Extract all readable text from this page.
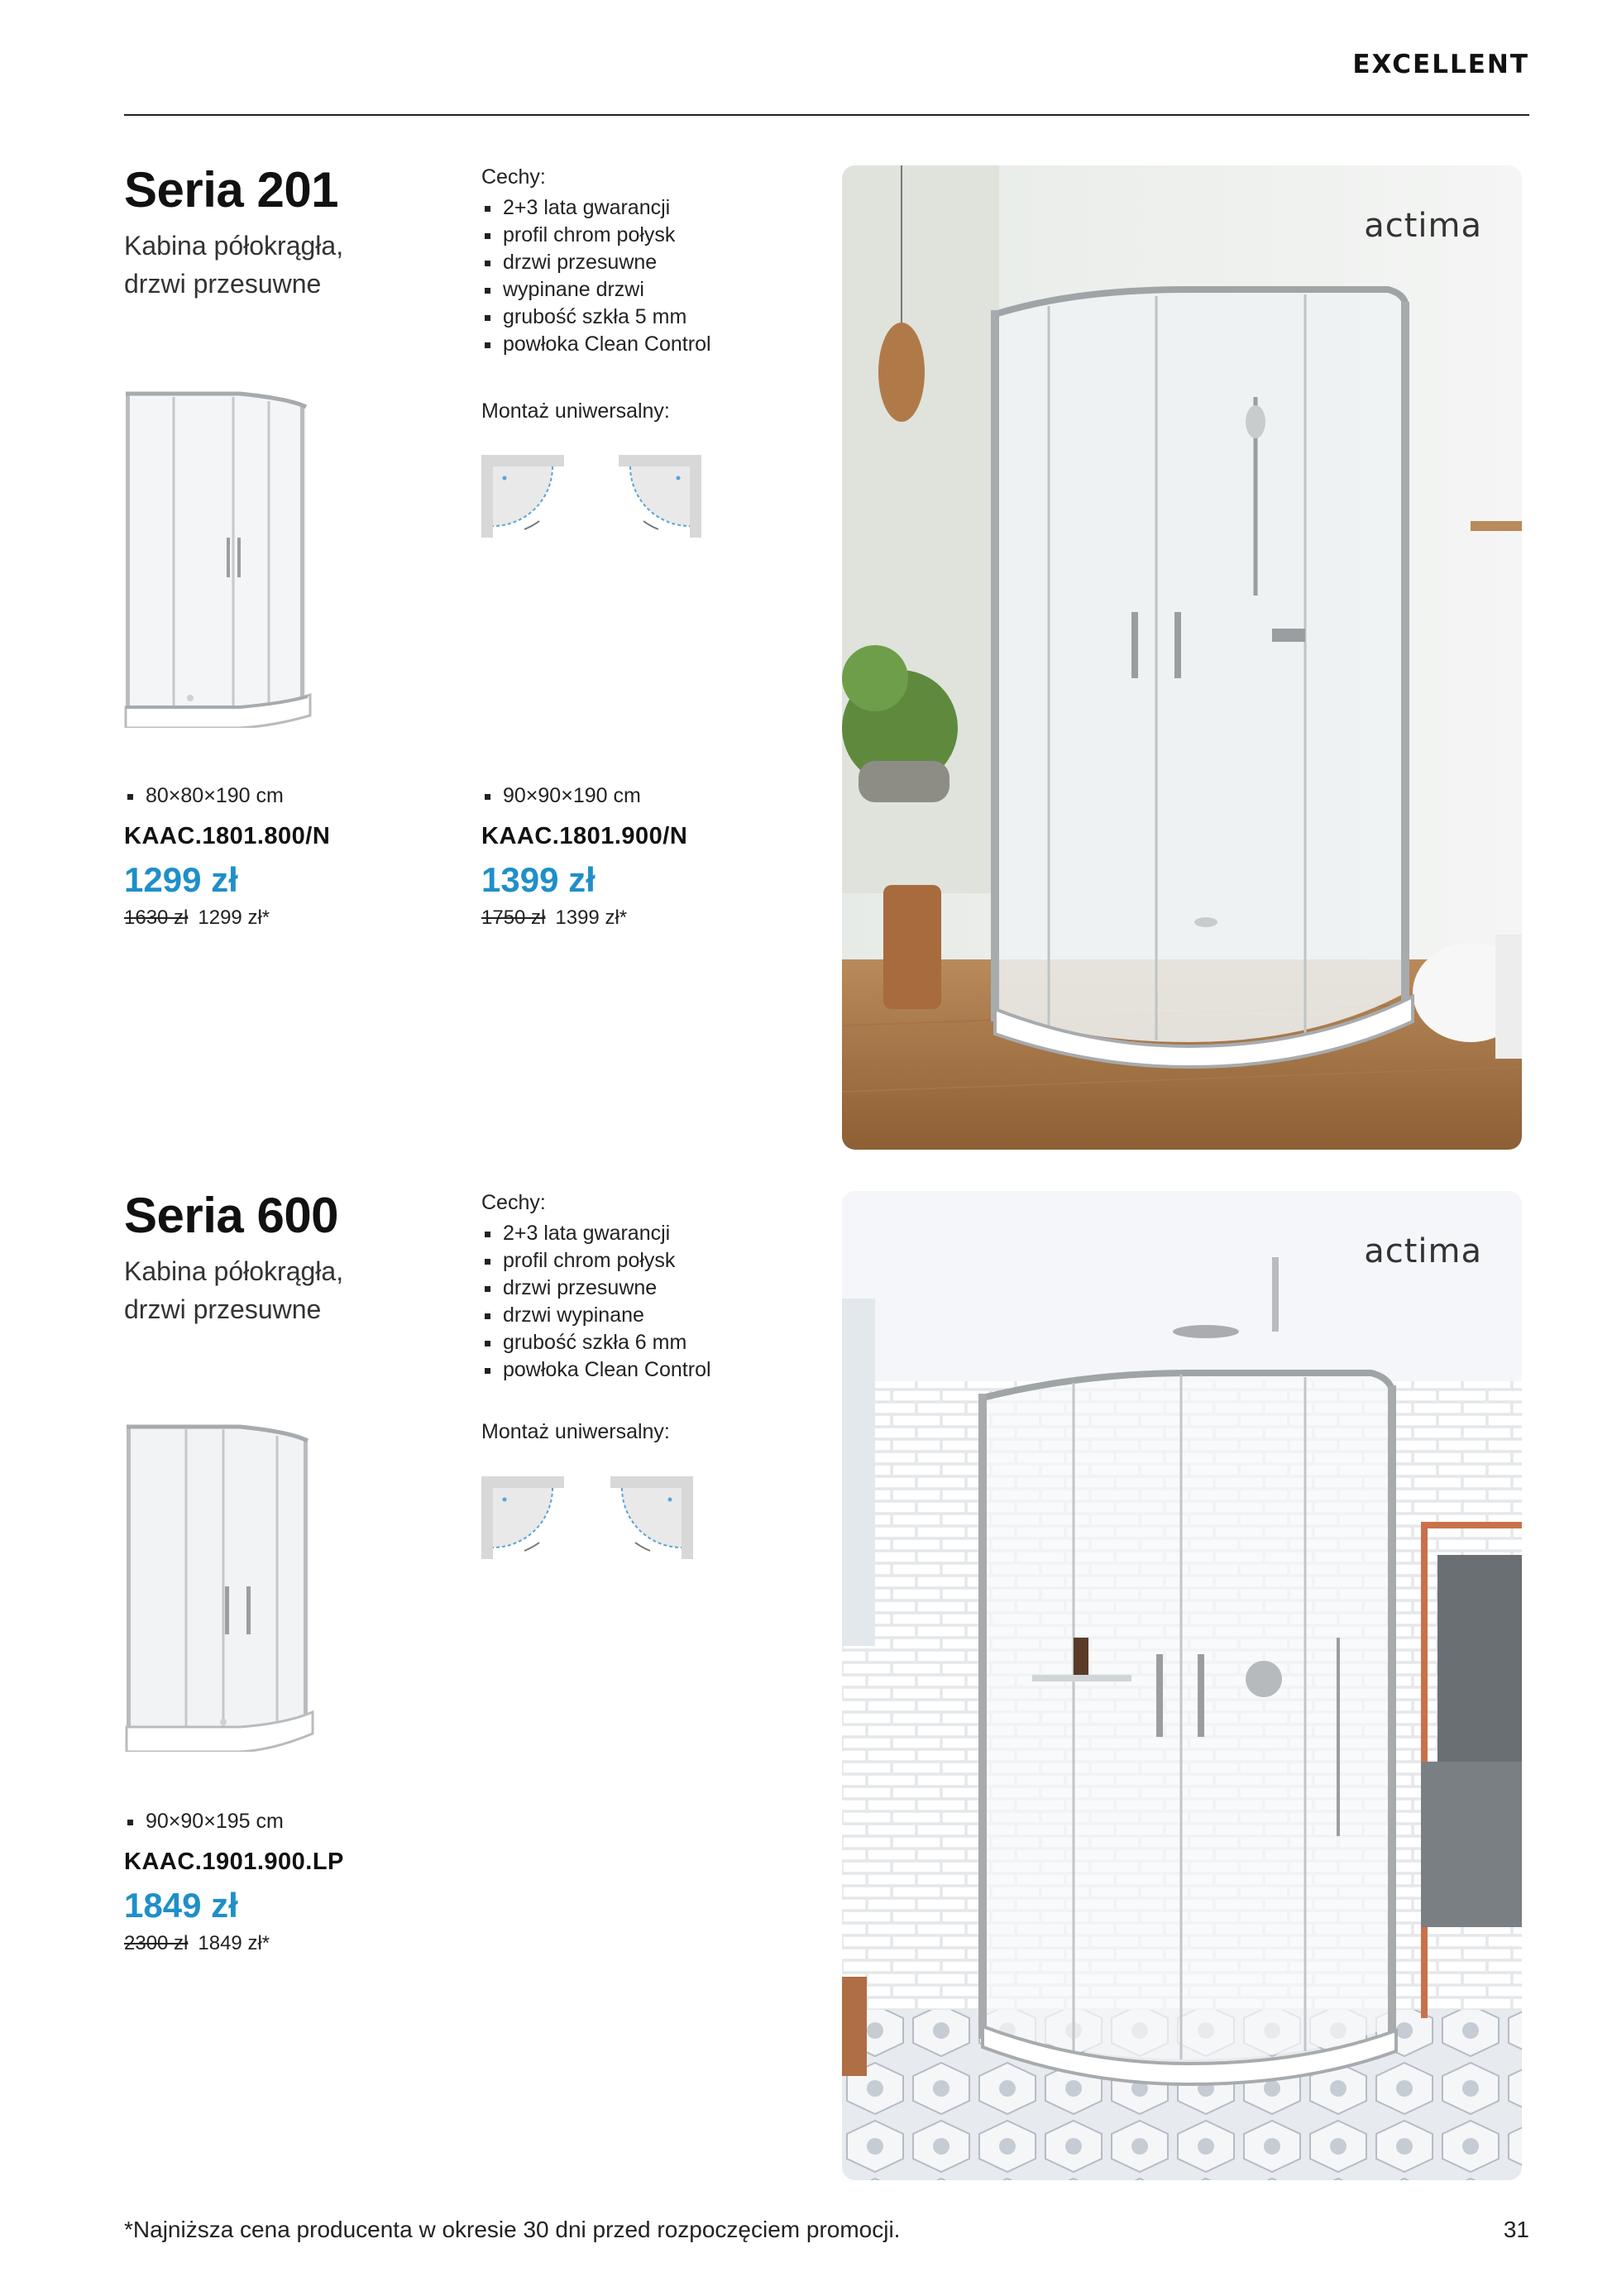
EXCELLENT
Seria 201
Kabina półokrągła,
drzwi przesuwne
Cechy:
2+3 lata gwarancji
profil chrom połysk
drzwi przesuwne
wypinane drzwi
grubość szkła 5 mm
powłoka Clean Control
Montaż uniwersalny:
80×80×190 cm
KAAC.1801.800/N
1299 zł
1630 zł 1299 zł*
90×90×190 cm
KAAC.1801.900/N
1399 zł
1750 zł 1399 zł*
actima
Seria 600
Kabina półokrągła,
drzwi przesuwne
Cechy:
2+3 lata gwarancji
profil chrom połysk
drzwi przesuwne
drzwi wypinane
grubość szkła 6 mm
powłoka Clean Control
Montaż uniwersalny:
90×90×195 cm
KAAC.1901.900.LP
1849 zł
2300 zł 1849 zł*
actima
*Najniższa cena producenta w okresie 30 dni przed rozpoczęciem promocji.	31
